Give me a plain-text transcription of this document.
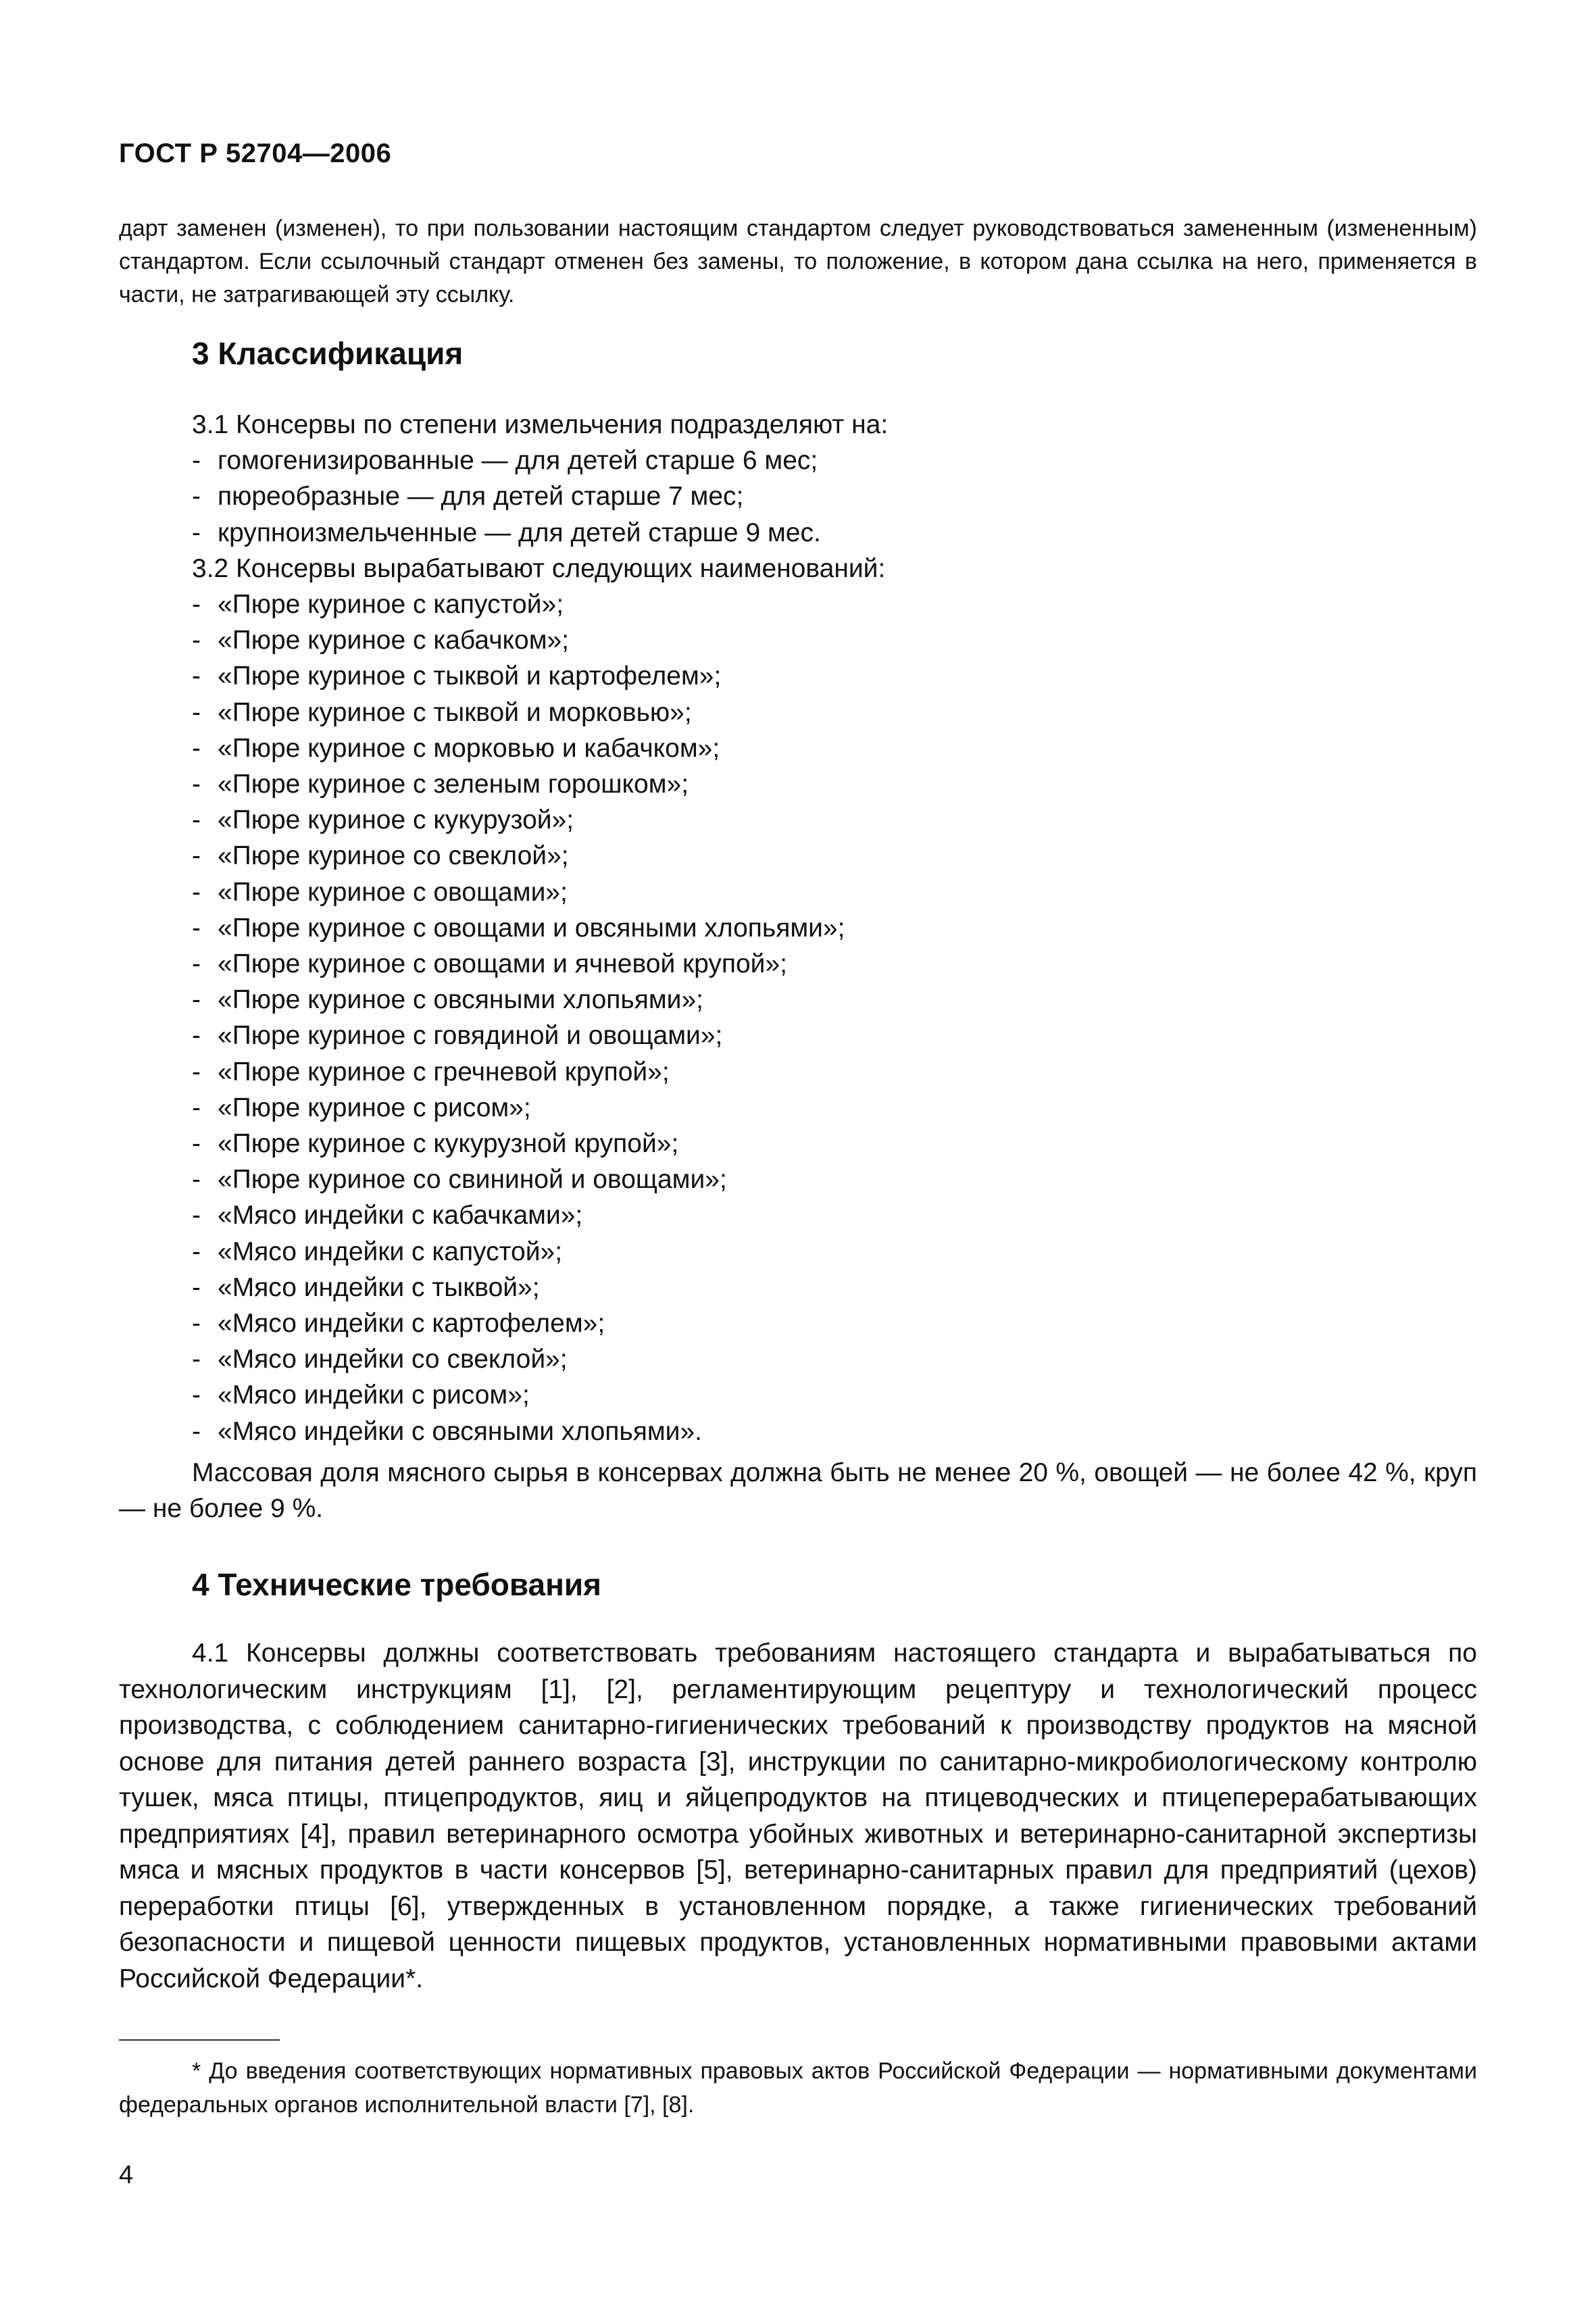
ГОСТ Р 52704—2006

дарт заменен (изменен), то при пользовании настоящим стандартом следует руководствоваться замененным (измененным) стандартом. Если ссылочный стандарт отменен без замены, то положение, в котором дана ссылка на него, применяется в части, не затрагивающей эту ссылку.

3 Классификация

3.1 Консервы по степени измельчения подразделяют на:

- гомогенизированные — для детей старше 6 мес;

- пюреобразные — для детей старше 7 мес;

- крупноизмельченные — для детей старше 9 мес.

3.2 Консервы вырабатывают следующих наименований:

- «Пюре куриное с капустой»;

- «Пюре куриное с кабачком»;

- «Пюре куриное с тыквой и картофелем»;

- «Пюре куриное с тыквой и морковью»;

- «Пюре куриное с морковью и кабачком»;

- «Пюре куриное с зеленым горошком»;

- «Пюре куриное с кукурузой»;

- «Пюре куриное со свеклой»;

- «Пюре куриное с овощами»;

- «Пюре куриное с овощами и овсяными хлопьями»;

- «Пюре куриное с овощами и ячневой крупой»;

- «Пюре куриное с овсяными хлопьями»;

- «Пюре куриное с говядиной и овощами»;

- «Пюре куриное с гречневой крупой»;

- «Пюре куриное с рисом»;

- «Пюре куриное с кукурузной крупой»;

- «Пюре куриное со свининой и овощами»;

- «Мясо индейки с кабачками»;

- «Мясо индейки с капустой»;

- «Мясо индейки с тыквой»;

- «Мясо индейки с картофелем»;

- «Мясо индейки со свеклой»;

- «Мясо индейки с рисом»;

- «Мясо индейки с овсяными хлопьями».

Массовая доля мясного сырья в консервах должна быть не менее 20 %, овощей — не более 42 %, круп — не более 9 %.

4 Технические требования

4.1 Консервы должны соответствовать требованиям настоящего стандарта и вырабатываться по технологическим инструкциям [1], [2], регламентирующим рецептуру и технологический процесс производства, с соблюдением санитарно-гигиенических требований к производству продуктов на мясной основе для питания детей раннего возраста [3], инструкции по санитарно-микробиологическому контролю тушек, мяса птицы, птицепродуктов, яиц и яйцепродуктов на птицеводческих и птицеперерабатывающих предприятиях [4], правил ветеринарного осмотра убойных животных и ветеринарно-санитарной экспертизы мяса и мясных продуктов в части консервов [5], ветеринарно-санитарных правил для предприятий (цехов) переработки птицы [6], утвержденных в установленном порядке, а также гигиенических требований безопасности и пищевой ценности пищевых продуктов, установленных нормативными правовыми актами Российской Федерации*.

* До введения соответствующих нормативных правовых актов Российской Федерации — нормативными документами федеральных органов исполнительной власти [7], [8].

4
